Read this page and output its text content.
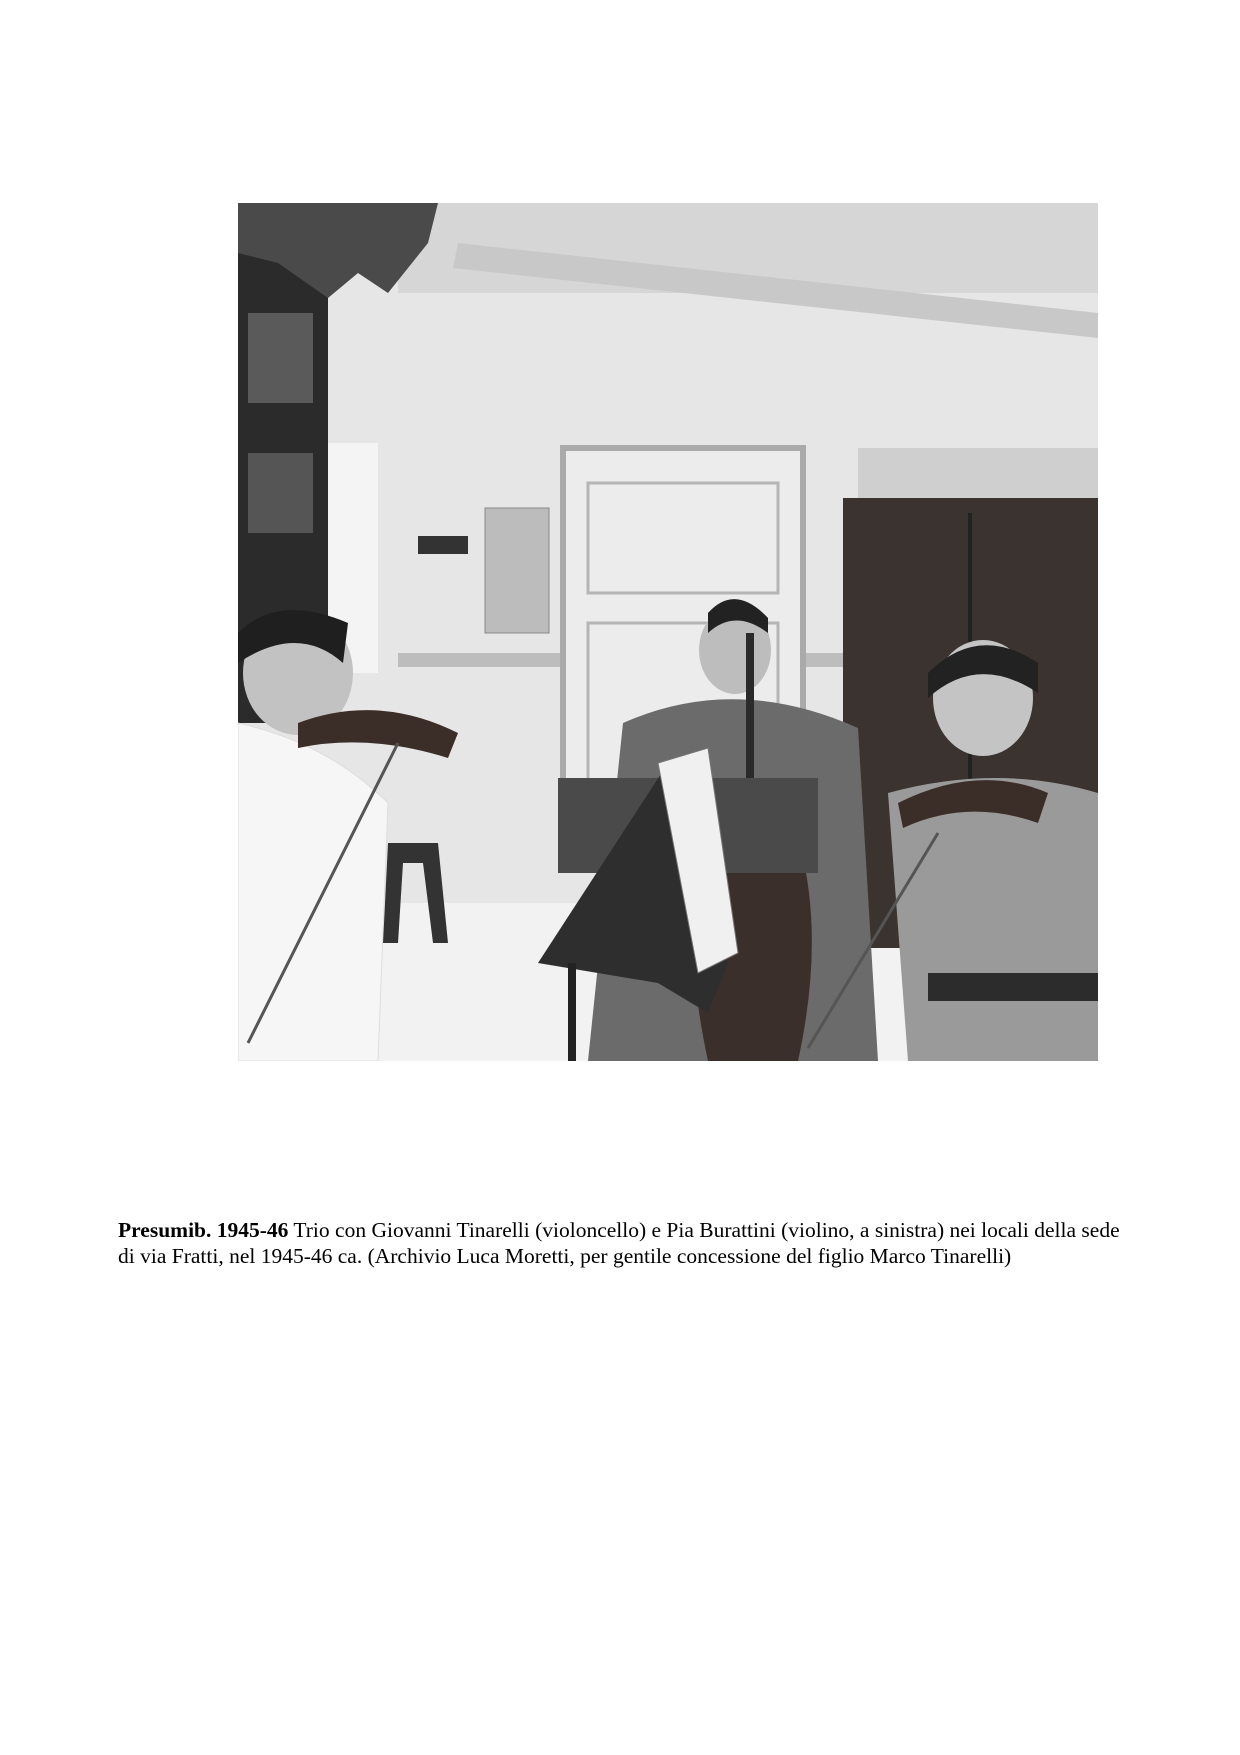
Presumib. 1945-46 Trio con Giovanni Tinarelli (violoncello) e Pia Burattini (violino, a sinistra) nei locali della sede di via Fratti, nel 1945-46 ca. (Archivio Luca Moretti, per gentile concessione del figlio Marco Tinarelli)
